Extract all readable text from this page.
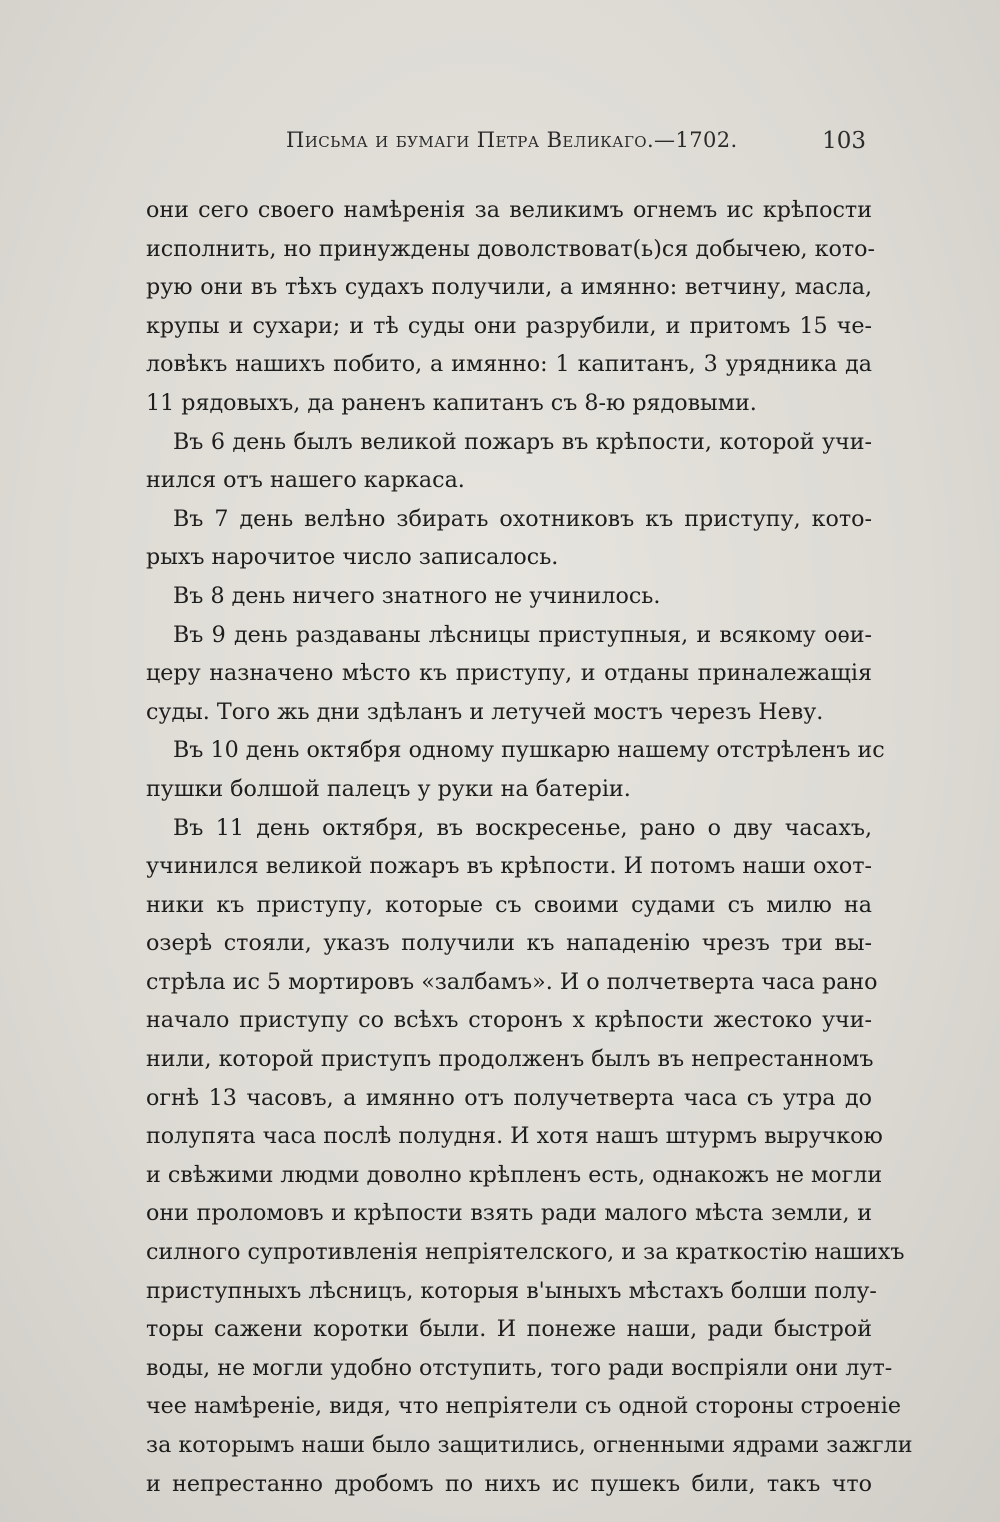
Письма и бумаги Петра Великаго.—1702.	103
они сего своего намѣренія за великимъ огнемъ ис крѣпости
исполнить, но принуждены доволствоват(ь)ся добычею, кото-
рую они въ тѣхъ судахъ получили, а имянно: ветчину, масла,
крупы и сухари; и тѣ суды они разрубили, и притомъ 15 че-
ловѣкъ нашихъ побито, а имянно: 1 капитанъ, 3 урядника да
11 рядовыхъ, да раненъ капитанъ съ 8-ю рядовыми.
Въ 6 день былъ великой пожаръ въ крѣпости, которой учи-
нился отъ нашего каркаса.
Въ 7 день велѣно збирать охотниковъ къ приступу, кото-
рыхъ нарочитое число записалось.
Въ 8 день ничего знатного не учинилось.
Въ 9 день раздаваны лѣсницы приступныя, и всякому оѳи-
церу назначено мѣсто къ приступу, и отданы приналежащія
суды. Того жь дни здѣланъ и летучей мостъ черезъ Неву.
Въ 10 день октября одному пушкарю нашему отстрѣленъ ис
пушки болшой палецъ у руки на батеріи.
Въ 11 день октября, въ воскресенье, рано о дву часахъ,
учинился великой пожаръ въ крѣпости. И потомъ наши охот-
ники къ приступу, которые съ своими судами съ милю на
озерѣ стояли, указъ получили къ нападенію чрезъ три вы-
стрѣла ис 5 мортировъ «залбамъ». И о полчетверта часа рано
начало приступу со всѣхъ сторонъ х крѣпости жестоко учи-
нили, которой приступъ продолженъ былъ въ непрестанномъ
огнѣ 13 часовъ, а имянно отъ получетверта часа съ утра до
полупята часа послѣ полудня. И хотя нашъ штурмъ выручкою
и свѣжими людми доволно крѣпленъ есть, однакожъ не могли
они проломовъ и крѣпости взять ради малого мѣста земли, и
силного супротивленія непріятелского, и за краткостію нашихъ
приступныхъ лѣсницъ, которыя в'ыныхъ мѣстахъ болши полу-
торы сажени коротки были. И понеже наши, ради быстрой
воды, не могли удобно отступить, того ради воспріяли они лут-
чее намѣреніе, видя, что непріятели съ одной стороны строеніе
за которымъ наши было защитились, огненными ядрами зажгли
и непрестанно дробомъ по нихъ ис пушекъ били, такъ что
